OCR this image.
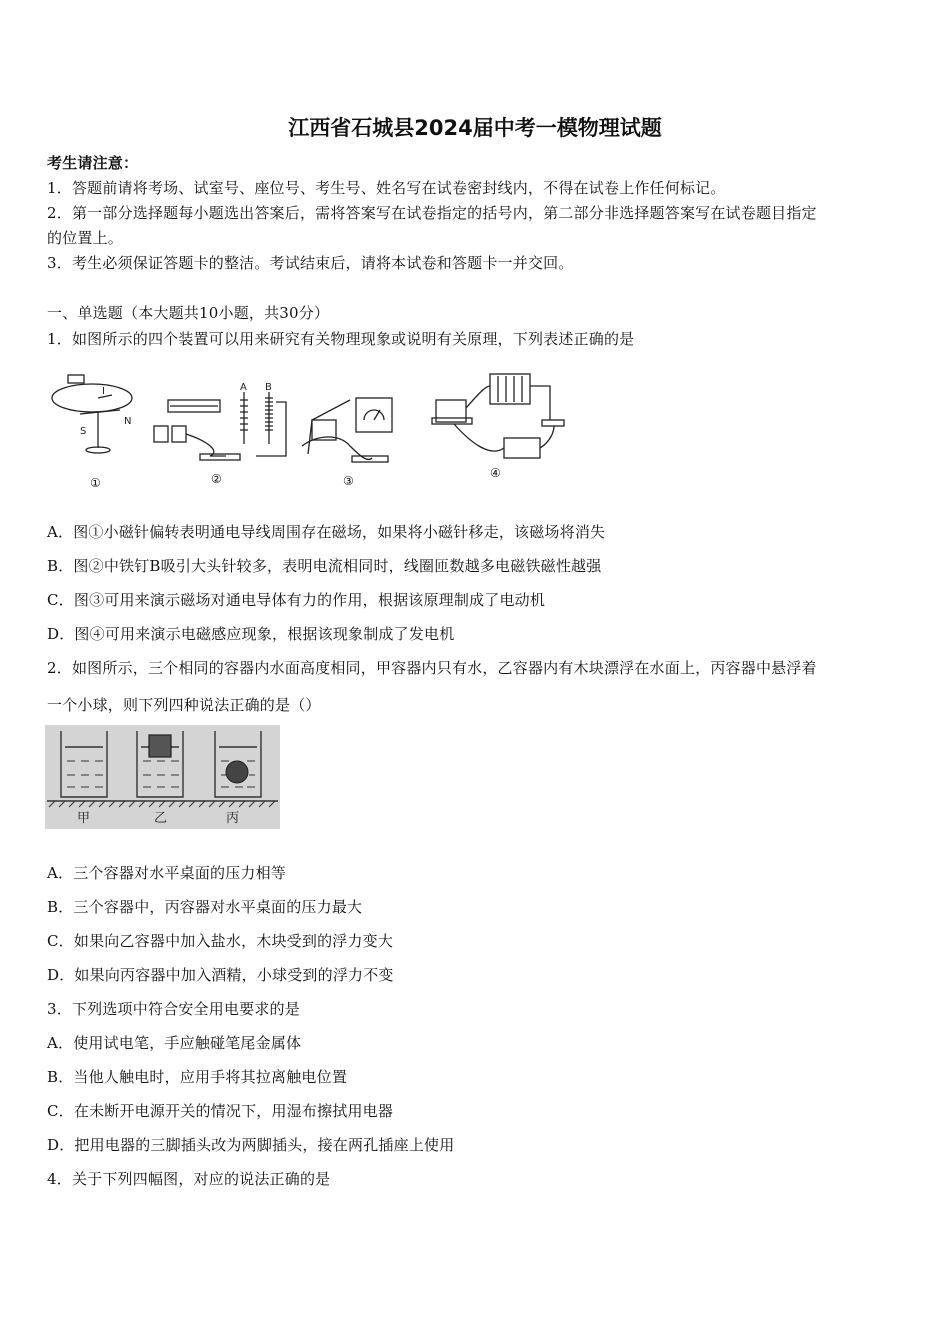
江西省石城县2024届中考一模物理试题
考生请注意：
1．答题前请将考场、试室号、座位号、考生号、姓名写在试卷密封线内，不得在试卷上作任何标记。
2．第一部分选择题每小题选出答案后，需将答案写在试卷指定的括号内，第二部分非选择题答案写在试卷题目指定
的位置上。
3．考生必须保证答题卡的整洁。考试结束后，请将本试卷和答题卡一并交回。
一、单选题（本大题共10小题，共30分）
1．如图所示的四个装置可以用来研究有关物理现象或说明有关原理，下列表述正确的是
S
N
I	A B
①	②	③
④
A．图①小磁针偏转表明通电导线周围存在磁场，如果将小磁针移走，该磁场将消失
B．图②中铁钉B吸引大头针较多，表明电流相同时，线圈匝数越多电磁铁磁性越强
C．图③可用来演示磁场对通电导体有力的作用，根据该原理制成了电动机
D．图④可用来演示电磁感应现象，根据该现象制成了发电机
2．如图所示，三个相同的容器内水面高度相同，甲容器内只有水，乙容器内有木块漂浮在水面上，丙容器中悬浮着
一个小球，则下列四种说法正确的是（）
甲	乙	丙
A．三个容器对水平桌面的压力相等
B．三个容器中，丙容器对水平桌面的压力最大
C．如果向乙容器中加入盐水，木块受到的浮力变大
D．如果向丙容器中加入酒精，小球受到的浮力不变
3．下列选项中符合安全用电要求的是
A．使用试电笔，手应触碰笔尾金属体
B．当他人触电时，应用手将其拉离触电位置
C．在未断开电源开关的情况下，用湿布擦拭用电器
D．把用电器的三脚插头改为两脚插头，接在两孔插座上使用
4．关于下列四幅图，对应的说法正确的是
